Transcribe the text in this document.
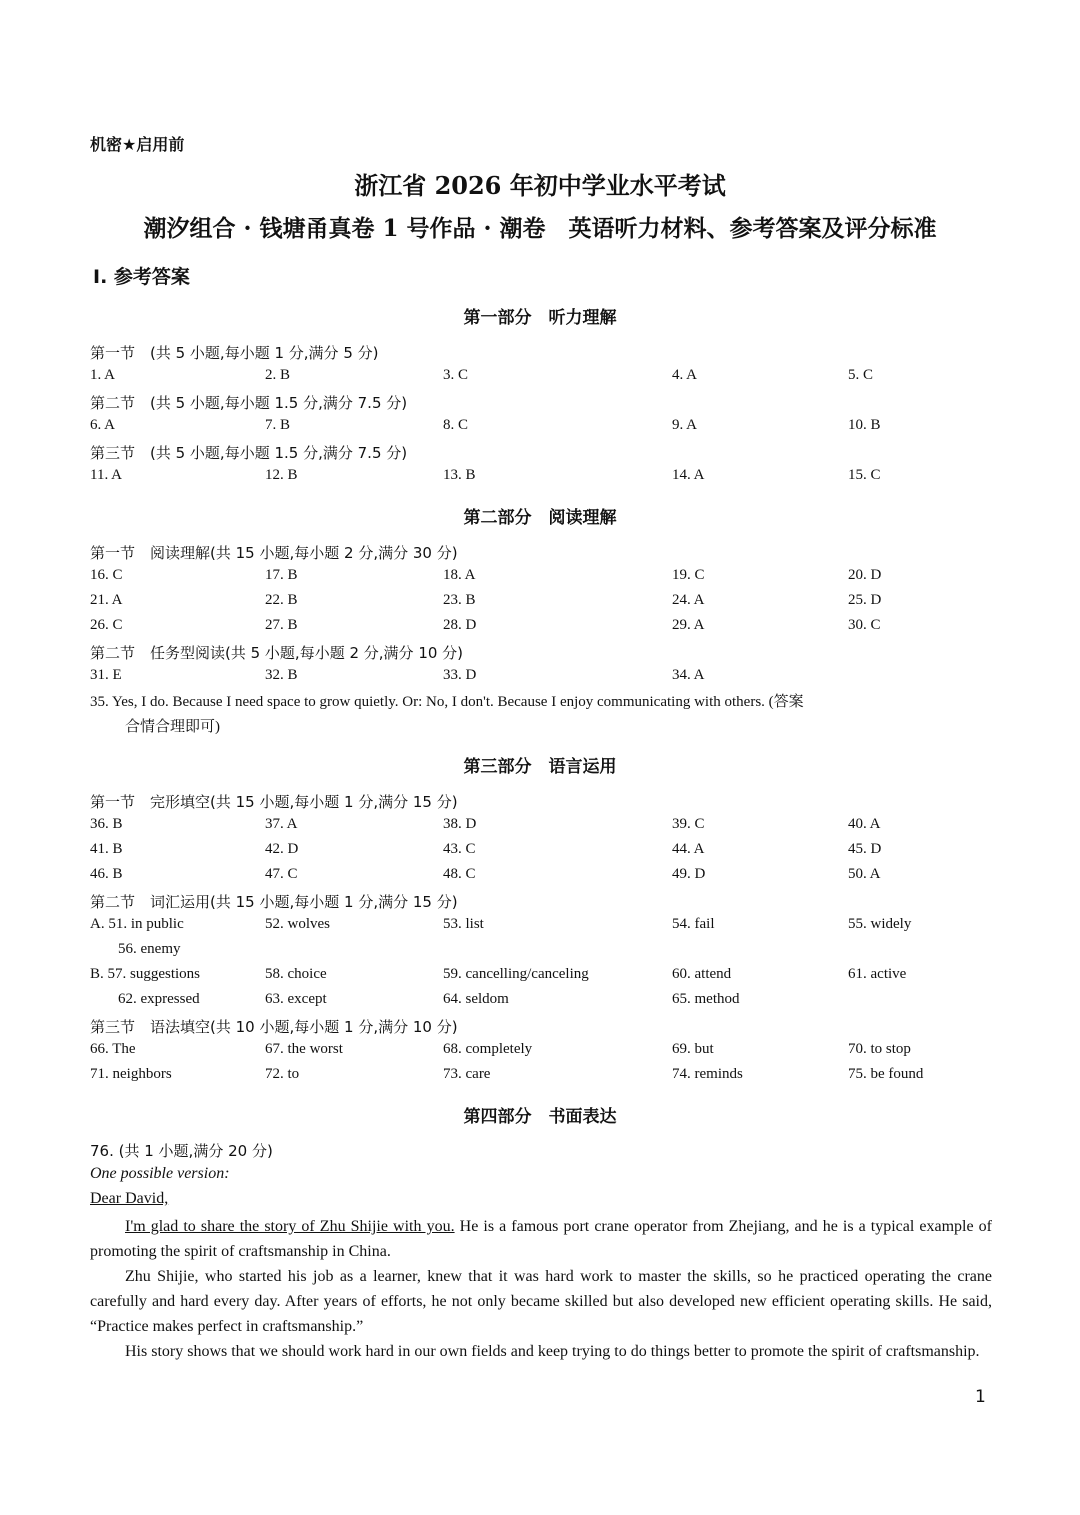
机密★启用前
浙江省 2026 年初中学业水平考试
潮汐组合 · 钱塘甬真卷 1 号作品 · 潮卷　英语听力材料、参考答案及评分标准
Ⅰ. 参考答案
第一部分　听力理解
第一节　(共 5 小题,每小题 1 分,满分 5 分)
1. A	2. B	3. C	4. A	5. C
第二节　(共 5 小题,每小题 1.5 分,满分 7.5 分)
6. A	7. B	8. C	9. A	10. B
第三节　(共 5 小题,每小题 1.5 分,满分 7.5 分)
11. A	12. B	13. B	14. A	15. C
第二部分　阅读理解
第一节　阅读理解(共 15 小题,每小题 2 分,满分 30 分)
16. C	17. B	18. A	19. C	20. D
21. A	22. B	23. B	24. A	25. D
26. C	27. B	28. D	29. A	30. C
第二节　任务型阅读(共 5 小题,每小题 2 分,满分 10 分)
31. E	32. B	33. D	34. A
35. Yes, I do. Because I need space to grow quietly. Or: No, I don't. Because I enjoy communicating with others. (答案
合情合理即可)
第三部分　语言运用
第一节　完形填空(共 15 小题,每小题 1 分,满分 15 分)
36. B	37. A	38. D	39. C	40. A
41. B	42. D	43. C	44. A	45. D
46. B	47. C	48. C	49. D	50. A
第二节　词汇运用(共 15 小题,每小题 1 分,满分 15 分)
A. 51. in public	52. wolves	53. list	54. fail	55. widely
56. enemy
B. 57. suggestions	58. choice	59. cancelling/canceling	60. attend	61. active
62. expressed	63. except	64. seldom	65. method
第三节　语法填空(共 10 小题,每小题 1 分,满分 10 分)
66. The	67. the worst	68. completely	69. but	70. to stop
71. neighbors	72. to	73. care	74. reminds	75. be found
第四部分　书面表达
76. (共 1 小题,满分 20 分)
One possible version:
Dear David,
I'm glad to share the story of Zhu Shijie with you. He is a famous port crane operator from Zhejiang, and he is a typical example of promoting the spirit of craftsmanship in China.
Zhu Shijie, who started his job as a learner, knew that it was hard work to master the skills, so he practiced operating the crane carefully and hard every day. After years of efforts, he not only became skilled but also developed new efficient operating skills. He said, “Practice makes perfect in craftsmanship.”
His story shows that we should work hard in our own fields and keep trying to do things better to promote the spirit of craftsmanship.
1
